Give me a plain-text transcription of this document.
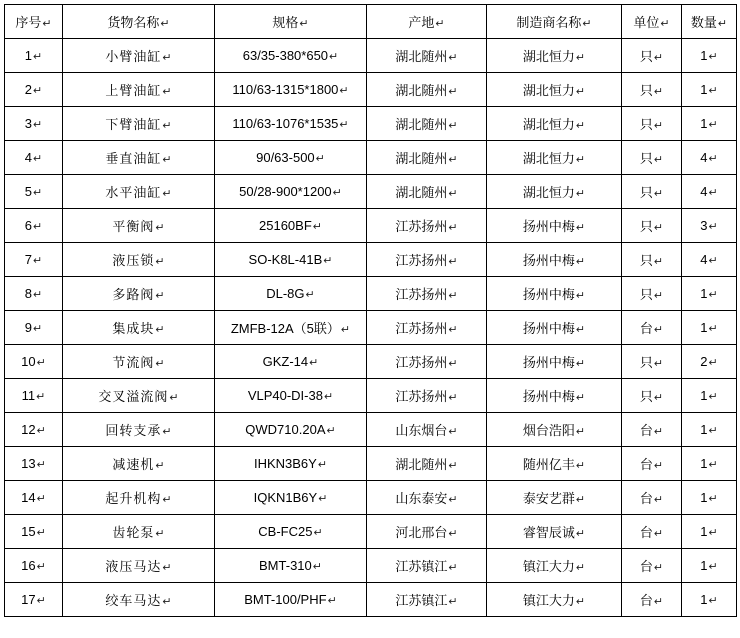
序号↵	货物名称↵	规格↵	产地↵	制造商名称↵	单位↵	数量↵
1↵	小臂油缸↵	63/35-380*650↵	湖北随州↵	湖北恒力↵	只↵	1↵
2↵	上臂油缸↵	110/63-1315*1800↵	湖北随州↵	湖北恒力↵	只↵	1↵
3↵	下臂油缸↵	110/63-1076*1535↵	湖北随州↵	湖北恒力↵	只↵	1↵
4↵	垂直油缸↵	90/63-500↵	湖北随州↵	湖北恒力↵	只↵	4↵
5↵	水平油缸↵	50/28-900*1200↵	湖北随州↵	湖北恒力↵	只↵	4↵
6↵	平衡阀↵	25160BF↵	江苏扬州↵	扬州中梅↵	只↵	3↵
7↵	液压锁↵	SO-K8L-41B↵	江苏扬州↵	扬州中梅↵	只↵	4↵
8↵	多路阀↵	DL-8G↵	江苏扬州↵	扬州中梅↵	只↵	1↵
9↵	集成块↵	ZMFB-12A（5联）↵	江苏扬州↵	扬州中梅↵	台↵	1↵
10↵	节流阀↵	GKZ-14↵	江苏扬州↵	扬州中梅↵	只↵	2↵
11↵	交叉溢流阀↵	VLP40-DI-38↵	江苏扬州↵	扬州中梅↵	只↵	1↵
12↵	回转支承↵	QWD710.20A↵	山东烟台↵	烟台浩阳↵	台↵	1↵
13↵	减速机↵	IHKN3B6Y↵	湖北随州↵	随州亿丰↵	台↵	1↵
14↵	起升机构↵	IQKN1B6Y↵	山东泰安↵	泰安艺群↵	台↵	1↵
15↵	齿轮泵↵	CB-FC25↵	河北邢台↵	睿智辰诚↵	台↵	1↵
16↵	液压马达↵	BMT-310↵	江苏镇江↵	镇江大力↵	台↵	1↵
17↵	绞车马达↵	BMT-100/PHF↵	江苏镇江↵	镇江大力↵	台↵	1↵
